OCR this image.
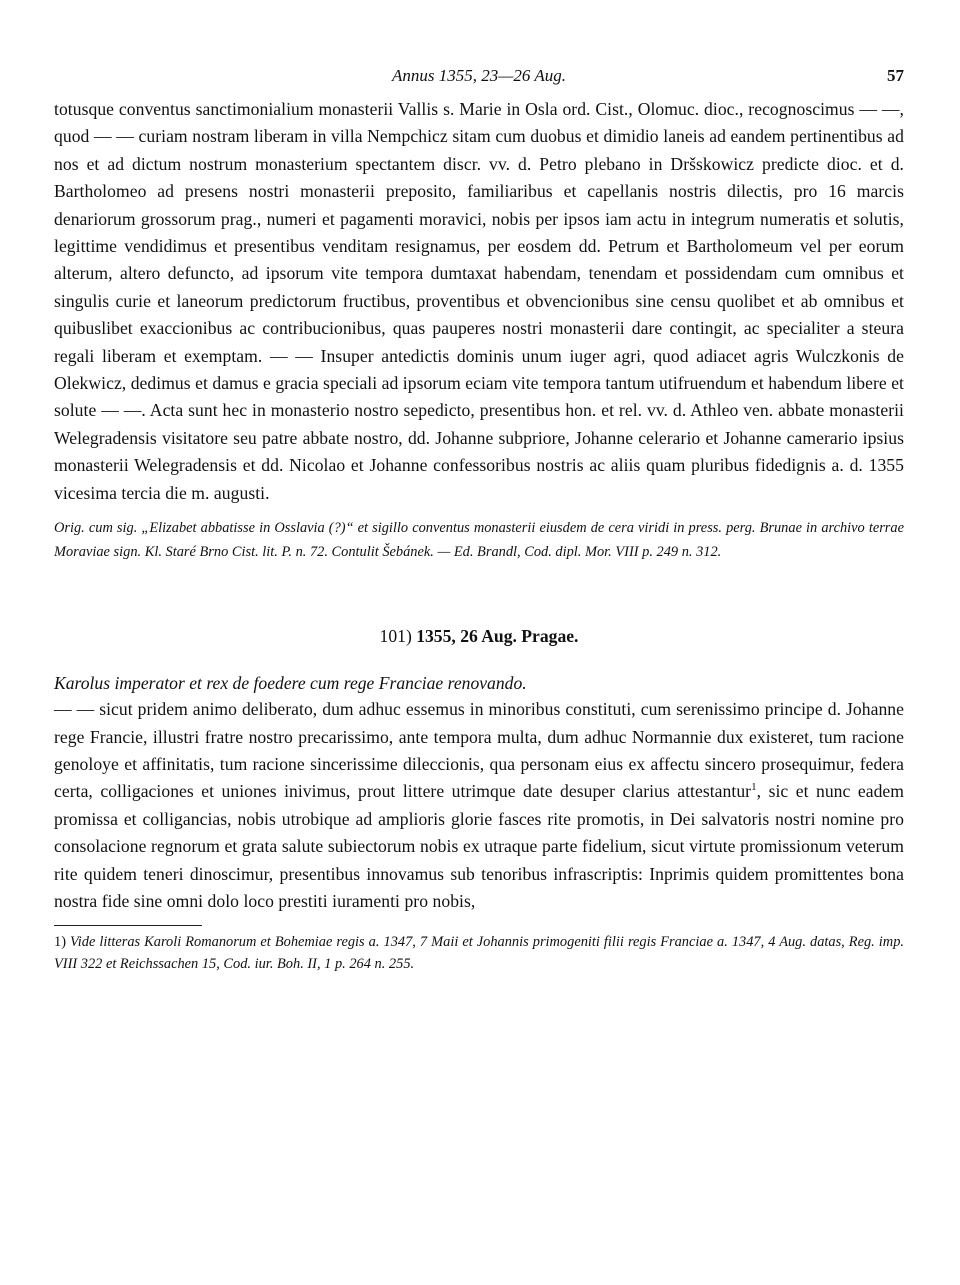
Annus 1355, 23—26 Aug.	57

totusque conventus sanctimonialium monasterii Vallis s. Marie in Osla ord. Cist., Olomuc. dioc., recognoscimus — —, quod — — curiam nostram liberam in villa Nempchicz sitam cum duobus et dimidio laneis ad eandem pertinentibus ad nos et ad dictum nostrum monasterium spectantem discr. vv. d. Petro plebano in Dršskowicz predicte dioc. et d. Bartholomeo ad presens nostri monasterii preposito, familiaribus et capellanis nostris dilectis, pro 16 marcis denariorum grossorum prag., numeri et pagamenti moravici, nobis per ipsos iam actu in integrum numeratis et solutis, legittime vendidimus et presentibus venditam resignamus, per eosdem dd. Petrum et Bartholomeum vel per eorum alterum, altero defuncto, ad ipsorum vite tempora dumtaxat habendam, tenendam et possidendam cum omnibus et singulis curie et laneorum predictorum fructibus, proventibus et obvencionibus sine censu quolibet et ab omnibus et quibuslibet exaccionibus ac contribucionibus, quas pauperes nostri monasterii dare contingit, ac specialiter a steura regali liberam et exemptam. — — Insuper antedictis dominis unum iuger agri, quod adiacet agris Wulczkonis de Olekwicz, dedimus et damus e gracia speciali ad ipsorum eciam vite tempora tantum utifruendum et habendum libere et solute — —. Acta sunt hec in monasterio nostro sepedicto, presentibus hon. et rel. vv. d. Athleo ven. abbate monasterii Welegradensis visitatore seu patre abbate nostro, dd. Johanne subpriore, Johanne celerario et Johanne camerario ipsius monasterii Welegradensis et dd. Nicolao et Johanne confessoribus nostris ac aliis quam pluribus fidedignis a. d. 1355 vicesima tercia die m. augusti.

Orig. cum sig. „Elizabet abbatisse in Osslavia (?)“ et sigillo conventus monasterii eiusdem de cera viridi in press. perg. Brunae in archivo terrae Moraviae sign. Kl. Staré Brno Cist. lit. P. n. 72. Contulit Šebánek. — Ed. Brandl, Cod. dipl. Mor. VIII p. 249 n. 312.

101) 1355, 26 Aug. Pragae.

Karolus imperator et rex de foedere cum rege Franciae renovando.

— — sicut pridem animo deliberato, dum adhuc essemus in minoribus constituti, cum serenissimo principe d. Johanne rege Francie, illustri fratre nostro precarissimo, ante tempora multa, dum adhuc Normannie dux existeret, tum racione genoloye et affinitatis, tum racione sincerissime dileccionis, qua personam eius ex affectu sincero prosequimur, federa certa, colligaciones et uniones inivimus, prout littere utrimque date desuper clarius attestantur$^1$, sic et nunc eadem promissa et colligancias, nobis utrobique ad amplioris glorie fasces rite promotis, in Dei salvatoris nostri nomine pro consolacione regnorum et grata salute subiectorum nobis ex utraque parte fidelium, sicut virtute promissionum veterum rite quidem teneri dinoscimur, presentibus innovamus sub tenoribus infrascriptis: Inprimis quidem promittentes bona nostra fide sine omni dolo loco prestiti iuramenti pro nobis,

1) Vide litteras Karoli Romanorum et Bohemiae regis a. 1347, 7 Maii et Johannis primogeniti filii regis Franciae a. 1347, 4 Aug. datas, Reg. imp. VIII 322 et Reichssachen 15, Cod. iur. Boh. II, 1 p. 264 n. 255.
